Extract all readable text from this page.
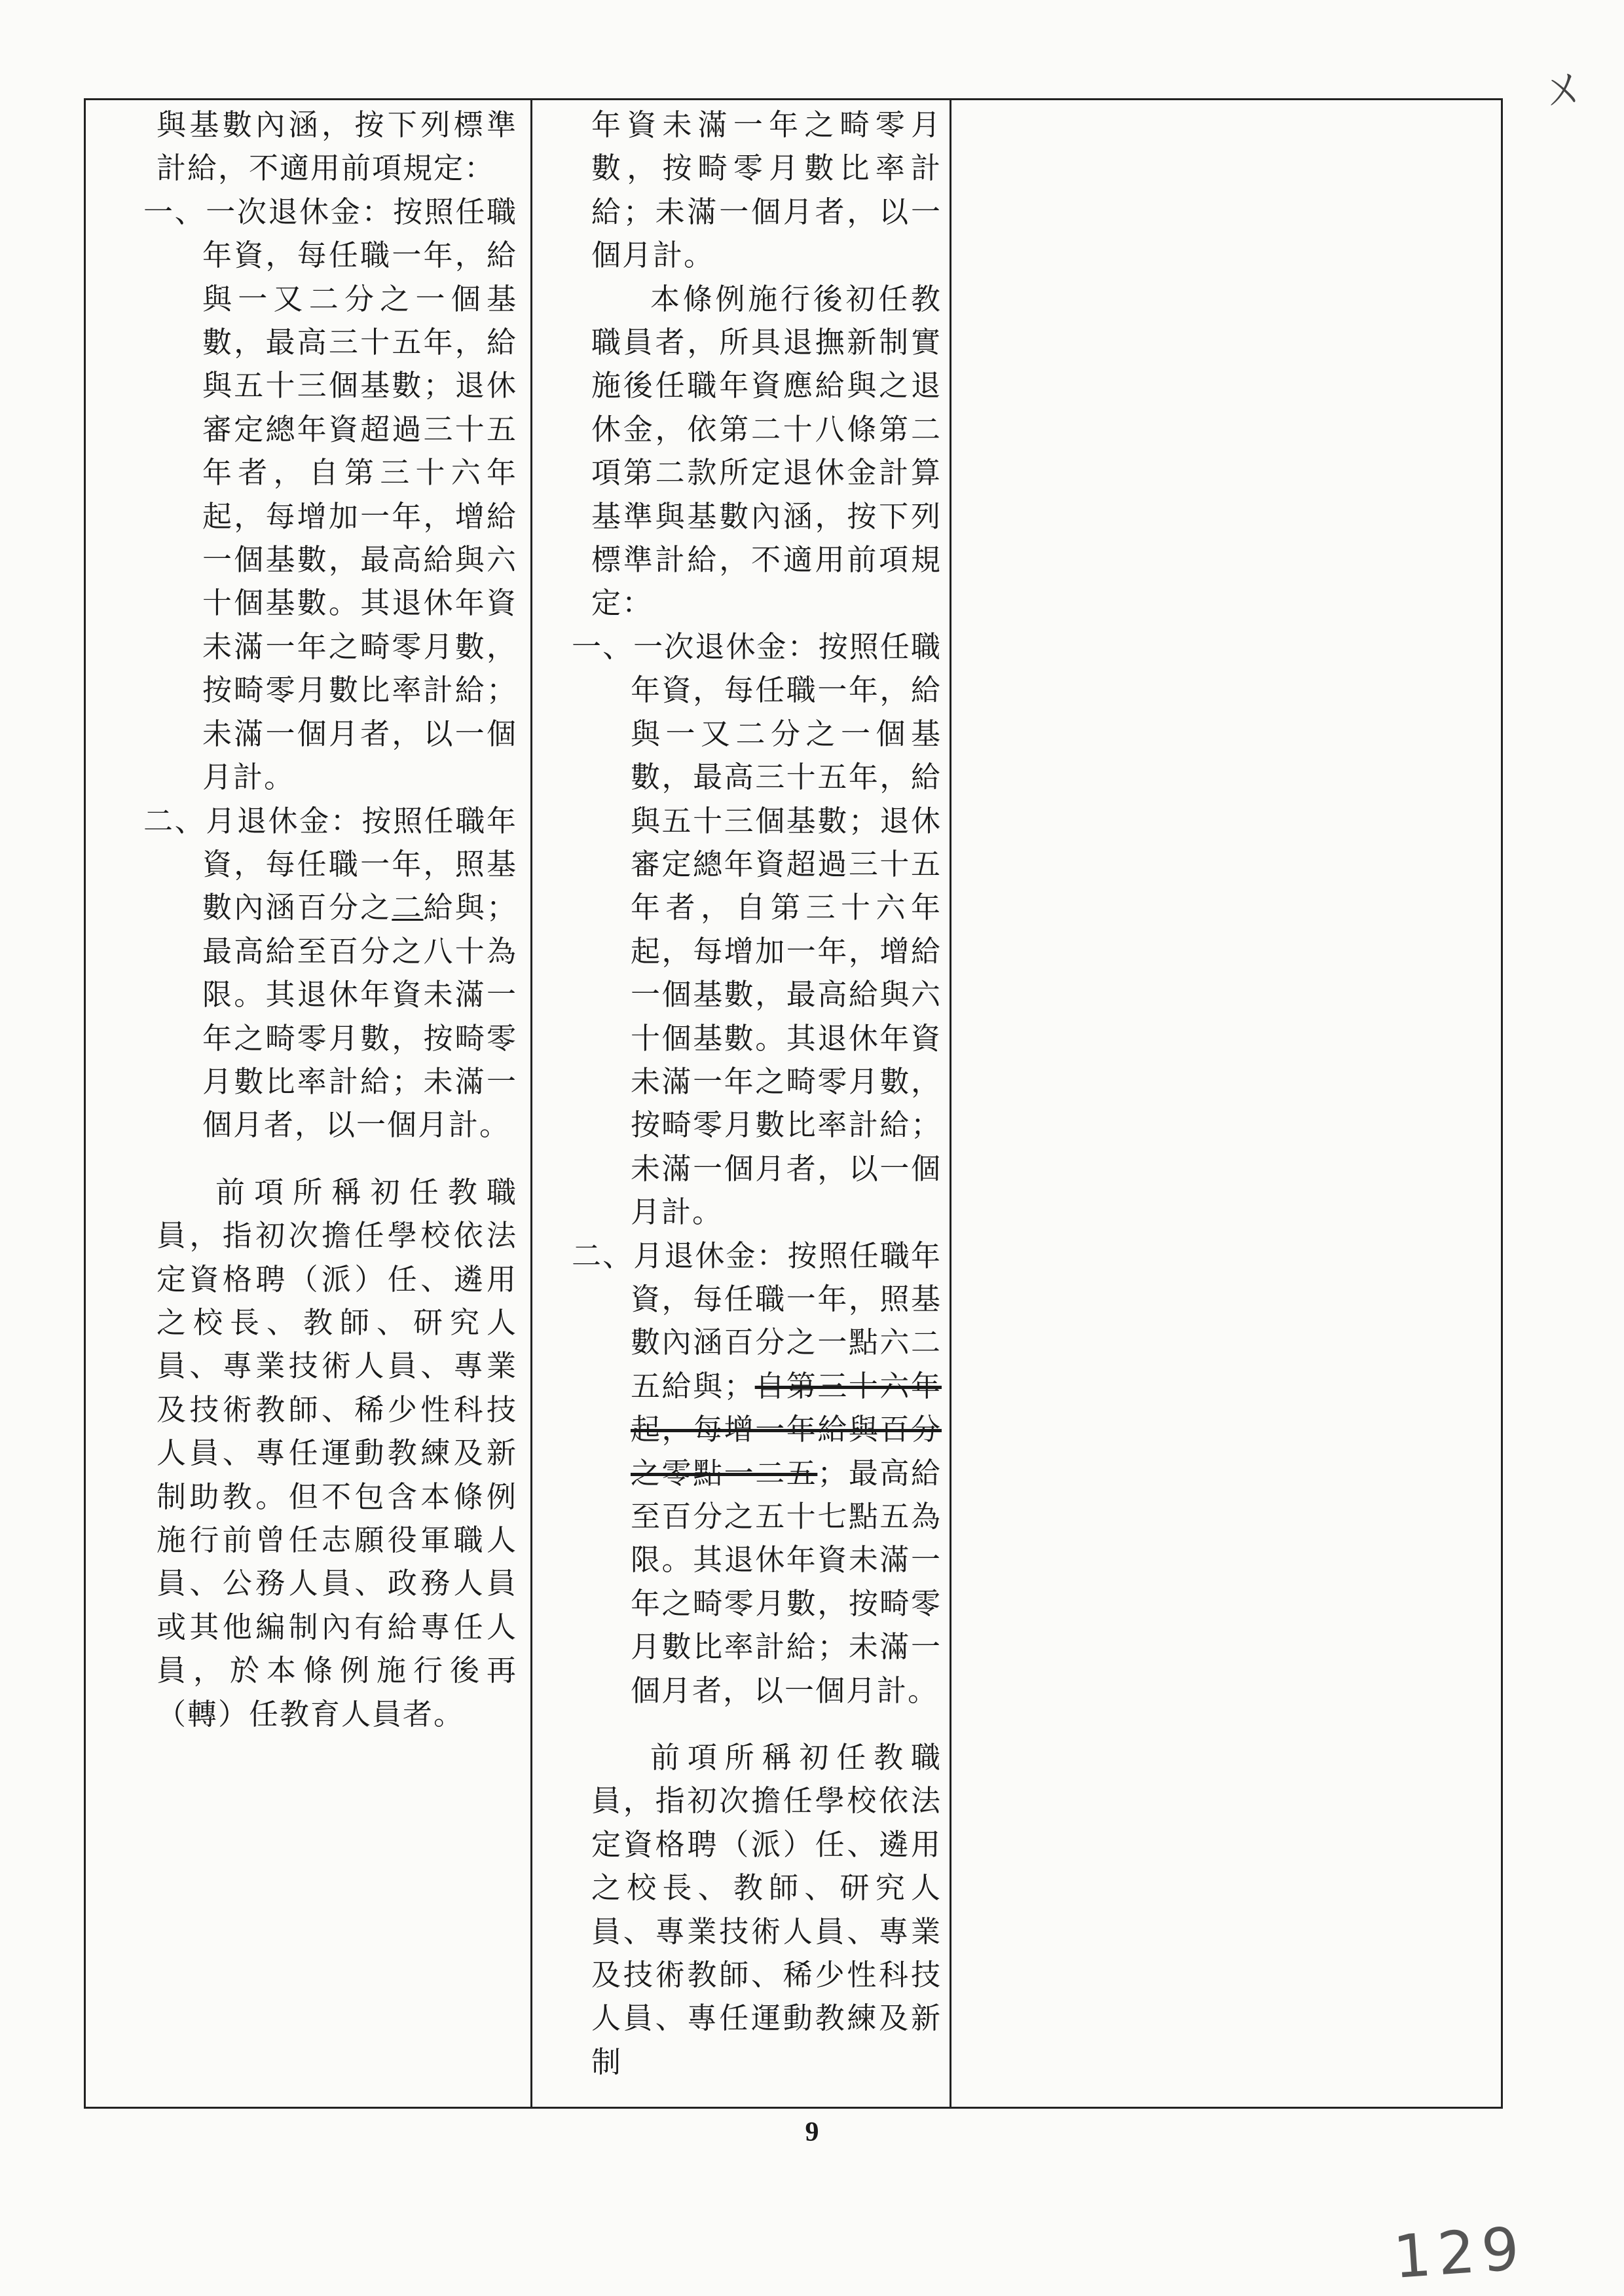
ㄨ

與基數內涵，按下列標準計給，不適用前項規定：

一、一次退休金：按照任職年資，每任職一年，給與一又二分之一個基數，最高三十五年，給與五十三個基數；退休審定總年資超過三十五年者，自第三十六年起，每增加一年，增給一個基數，最高給與六十個基數。其退休年資未滿一年之畸零月數，按畸零月數比率計給；未滿一個月者，以一個月計。

二、月退休金：按照任職年資，每任職一年，照基數內涵百分之二給與；最高給至百分之八十為限。其退休年資未滿一年之畸零月數，按畸零月數比率計給；未滿一個月者，以一個月計。

前項所稱初任教職員，指初次擔任學校依法定資格聘（派）任、遴用之校長、教師、研究人員、專業技術人員、專業及技術教師、稀少性科技人員、專任運動教練及新制助教。但不包含本條例施行前曾任志願役軍職人員、公務人員、政務人員或其他編制內有給專任人員，於本條例施行後再（轉）任教育人員者。

年資未滿一年之畸零月數，按畸零月數比率計給；未滿一個月者，以一個月計。

本條例施行後初任教職員者，所具退撫新制實施後任職年資應給與之退休金，依第二十八條第二項第二款所定退休金計算基準與基數內涵，按下列標準計給，不適用前項規定：

一、一次退休金：按照任職年資，每任職一年，給與一又二分之一個基數，最高三十五年，給與五十三個基數；退休審定總年資超過三十五年者，自第三十六年起，每增加一年，增給一個基數，最高給與六十個基數。其退休年資未滿一年之畸零月數，按畸零月數比率計給；未滿一個月者，以一個月計。

二、月退休金：按照任職年資，每任職一年，照基數內涵百分之一點六二五給與；自第三十六年起，每增一年給與百分之零點一二五；最高給至百分之五十七點五為限。其退休年資未滿一年之畸零月數，按畸零月數比率計給；未滿一個月者，以一個月計。

前項所稱初任教職員，指初次擔任學校依法定資格聘（派）任、遴用之校長、教師、研究人員、專業技術人員、專業及技術教師、稀少性科技人員、專任運動教練及新制

9
129
